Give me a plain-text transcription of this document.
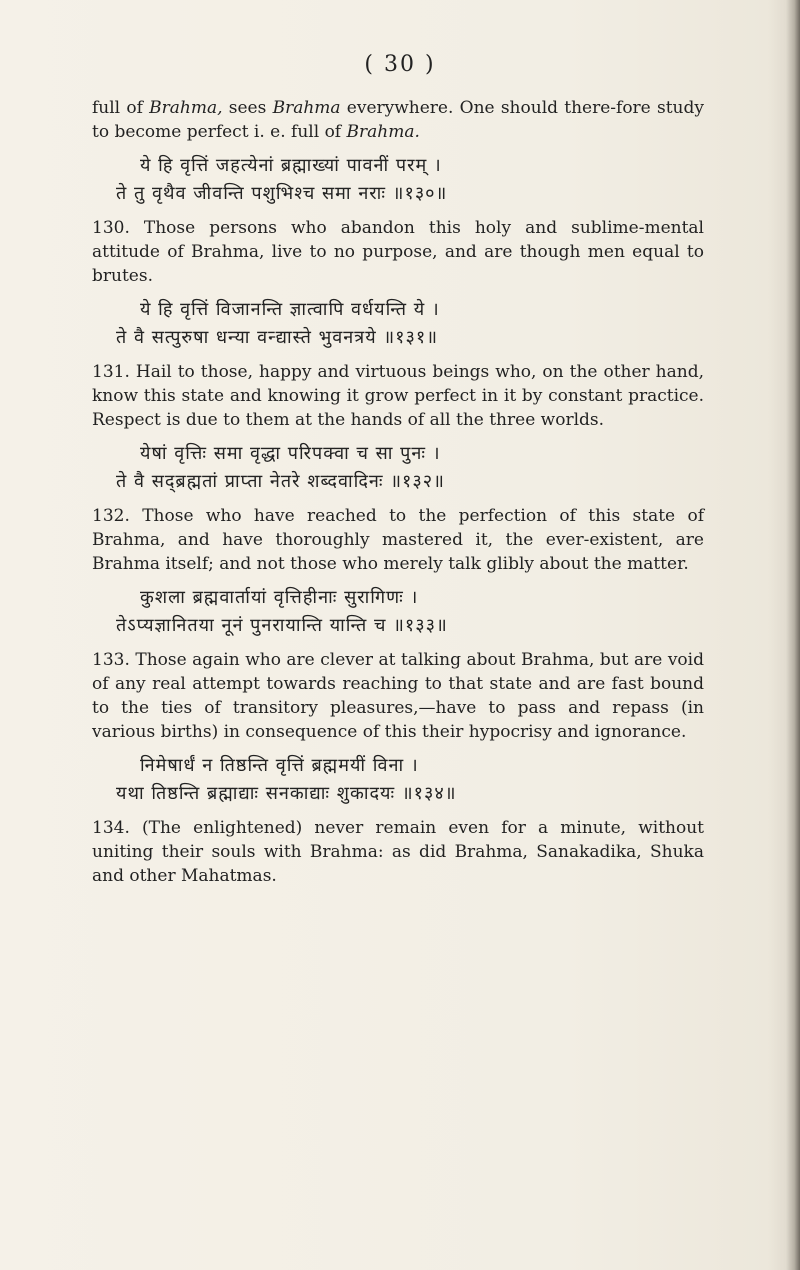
( 30 )

full of Brahma, sees Brahma everywhere. One should there-fore study to become perfect i. e. full of Brahma.

ये हि वृत्तिं जहत्येनां ब्रह्माख्यां पावनीं परम् ।
ते तु वृथैव जीवन्ति पशुभिश्च समा नराः ॥१३०॥

130. Those persons who abandon this holy and sublime-mental attitude of Brahma, live to no purpose, and are though men equal to brutes.

ये हि वृत्तिं विजानन्ति ज्ञात्वापि वर्धयन्ति ये ।
ते वै सत्पुरुषा धन्या वन्द्यास्ते भुवनत्रये ॥१३१॥

131. Hail to those, happy and virtuous beings who, on the other hand, know this state and knowing it grow perfect in it by constant practice. Respect is due to them at the hands of all the three worlds.

येषां वृत्तिः समा वृद्धा परिपक्वा च सा पुनः ।
ते वै सद्ब्रह्मतां प्राप्ता नेतरे शब्दवादिनः ॥१३२॥

132. Those who have reached to the perfection of this state of Brahma, and have thoroughly mastered it, the ever-existent, are Brahma itself; and not those who merely talk glibly about the matter.

कुशला ब्रह्मवार्तायां वृत्तिहीनाः सुरागिणः ।
तेऽप्यज्ञानितया नूनं पुनरायान्ति यान्ति च ॥१३३॥

133. Those again who are clever at talking about Brahma, but are void of any real attempt towards reaching to that state and are fast bound to the ties of transitory pleasures,—have to pass and repass (in various births) in consequence of this their hypocrisy and ignorance.

निमेषार्धं न तिष्ठन्ति वृत्तिं ब्रह्ममयीं विना ।
यथा तिष्ठन्ति ब्रह्माद्याः सनकाद्याः शुकादयः ॥१३४॥

134. (The enlightened) never remain even for a minute, without uniting their souls with Brahma: as did Brahma, Sanakadika, Shuka and other Mahatmas.
